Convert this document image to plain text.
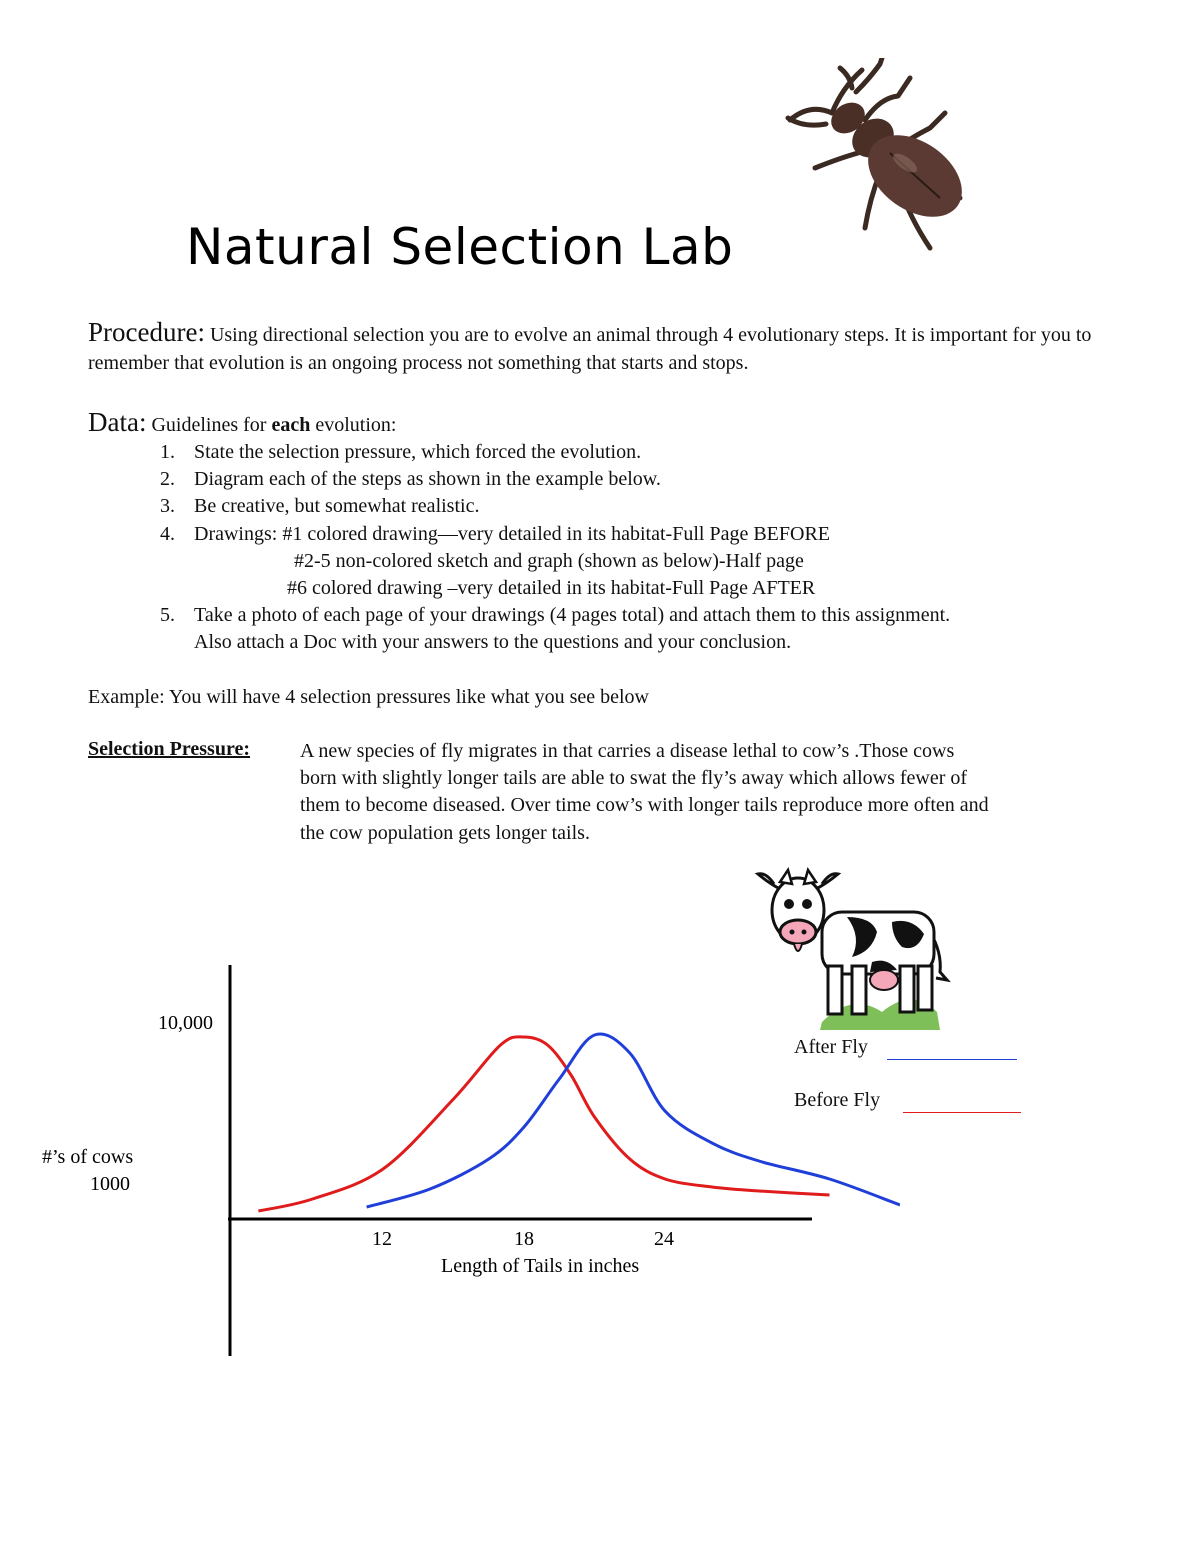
Natural Selection Lab
Procedure: Using directional selection you are to evolve an animal through 4 evolutionary steps. It is important for you to remember that evolution is an ongoing process not something that starts and stops.
Data: Guidelines for each evolution:
1. State the selection pressure, which forced the evolution.
2. Diagram each of the steps as shown in the example below.
3. Be creative, but somewhat realistic.
4. Drawings: #1 colored drawing—very detailed in its habitat-Full Page BEFORE
#2-5 non-colored sketch and graph (shown as below)-Half page
#6 colored drawing –very detailed in its habitat-Full Page AFTER
5. Take a photo of each page of your drawings (4 pages total) and attach them to this assignment.
Also attach a Doc with your answers to the questions and your conclusion.
Example: You will have 4 selection pressures like what you see below
Selection Pressure: A new species of fly migrates in that carries a disease lethal to cow’s .Those cows
born with slightly longer tails are able to swat the fly’s away which allows fewer of
them to become diseased. Over time cow’s with longer tails reproduce more often and
the cow population gets longer tails.
After Fly
Before Fly
10,000
#’s of cows
1000
12	18	24
Length of Tails in inches
